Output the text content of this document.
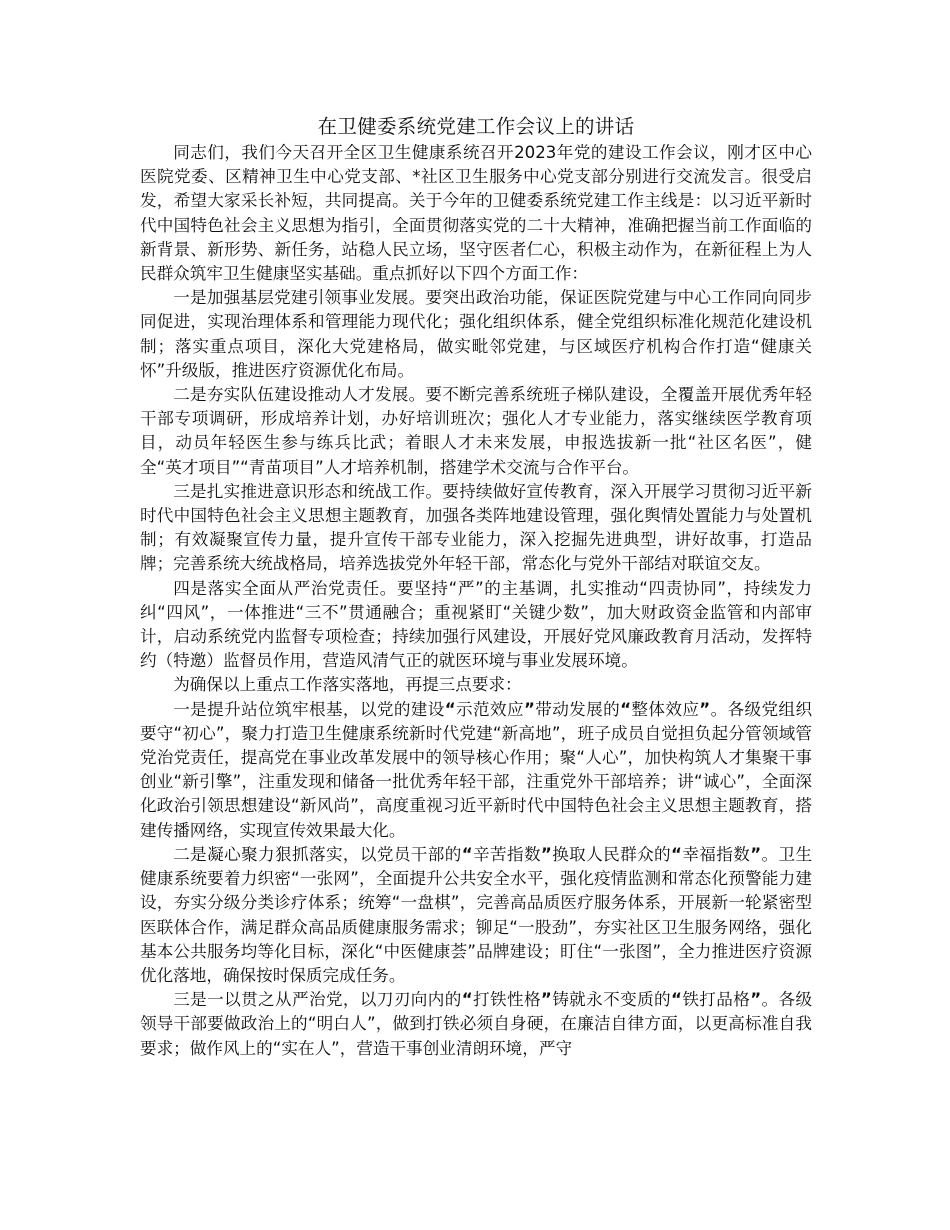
在卫健委系统党建工作会议上的讲话

同志们，我们今天召开全区卫生健康系统召开2023年党的建设工作会议，刚才区中心医院党委、区精神卫生中心党支部、*社区卫生服务中心党支部分别进行交流发言。很受启发，希望大家采长补短，共同提高。关于今年的卫健委系统党建工作主线是：以习近平新时代中国特色社会主义思想为指引，全面贯彻落实党的二十大精神，准确把握当前工作面临的新背景、新形势、新任务，站稳人民立场，坚守医者仁心，积极主动作为，在新征程上为人民群众筑牢卫生健康坚实基础。重点抓好以下四个方面工作：

一是加强基层党建引领事业发展。要突出政治功能，保证医院党建与中心工作同向同步同促进，实现治理体系和管理能力现代化；强化组织体系，健全党组织标准化规范化建设机制；落实重点项目，深化大党建格局，做实毗邻党建，与区域医疗机构合作打造“健康关怀”升级版，推进医疗资源优化布局。

二是夯实队伍建设推动人才发展。要不断完善系统班子梯队建设，全覆盖开展优秀年轻干部专项调研，形成培养计划，办好培训班次；强化人才专业能力，落实继续医学教育项目，动员年轻医生参与练兵比武；着眼人才未来发展，申报选拔新一批“社区名医”，健全“英才项目”“青苗项目”人才培养机制，搭建学术交流与合作平台。

三是扎实推进意识形态和统战工作。要持续做好宣传教育，深入开展学习贯彻习近平新时代中国特色社会主义思想主题教育，加强各类阵地建设管理，强化舆情处置能力与处置机制；有效凝聚宣传力量，提升宣传干部专业能力，深入挖掘先进典型，讲好故事，打造品牌；完善系统大统战格局，培养选拔党外年轻干部，常态化与党外干部结对联谊交友。

四是落实全面从严治党责任。要坚持“严”的主基调，扎实推动“四责协同”，持续发力纠“四风”，一体推进“三不”贯通融合；重视紧盯“关键少数”，加大财政资金监管和内部审计，启动系统党内监督专项检查；持续加强行风建设，开展好党风廉政教育月活动，发挥特约（特邀）监督员作用，营造风清气正的就医环境与事业发展环境。

为确保以上重点工作落实落地，再提三点要求：

一是提升站位筑牢根基，以党的建设“示范效应”带动发展的“整体效应”。各级党组织要守“初心”，聚力打造卫生健康系统新时代党建“新高地”，班子成员自觉担负起分管领域管党治党责任，提高党在事业改革发展中的领导核心作用；聚“人心”，加快构筑人才集聚干事创业“新引擎”，注重发现和储备一批优秀年轻干部，注重党外干部培养；讲“诚心”，全面深化政治引领思想建设“新风尚”，高度重视习近平新时代中国特色社会主义思想主题教育，搭建传播网络，实现宣传效果最大化。

二是凝心聚力狠抓落实，以党员干部的“辛苦指数”换取人民群众的“幸福指数”。卫生健康系统要着力织密“一张网”，全面提升公共安全水平，强化疫情监测和常态化预警能力建设，夯实分级分类诊疗体系；统筹“一盘棋”，完善高品质医疗服务体系，开展新一轮紧密型医联体合作，满足群众高品质健康服务需求；铆足“一股劲”，夯实社区卫生服务网络，强化基本公共服务均等化目标，深化“中医健康荟”品牌建设；盯住“一张图”，全力推进医疗资源优化落地，确保按时保质完成任务。

三是一以贯之从严治党，以刀刃向内的“打铁性格”铸就永不变质的“铁打品格”。各级领导干部要做政治上的“明白人”，做到打铁必须自身硬，在廉洁自律方面，以更高标准自我要求；做作风上的“实在人”，营造干事创业清朗环境，严守
